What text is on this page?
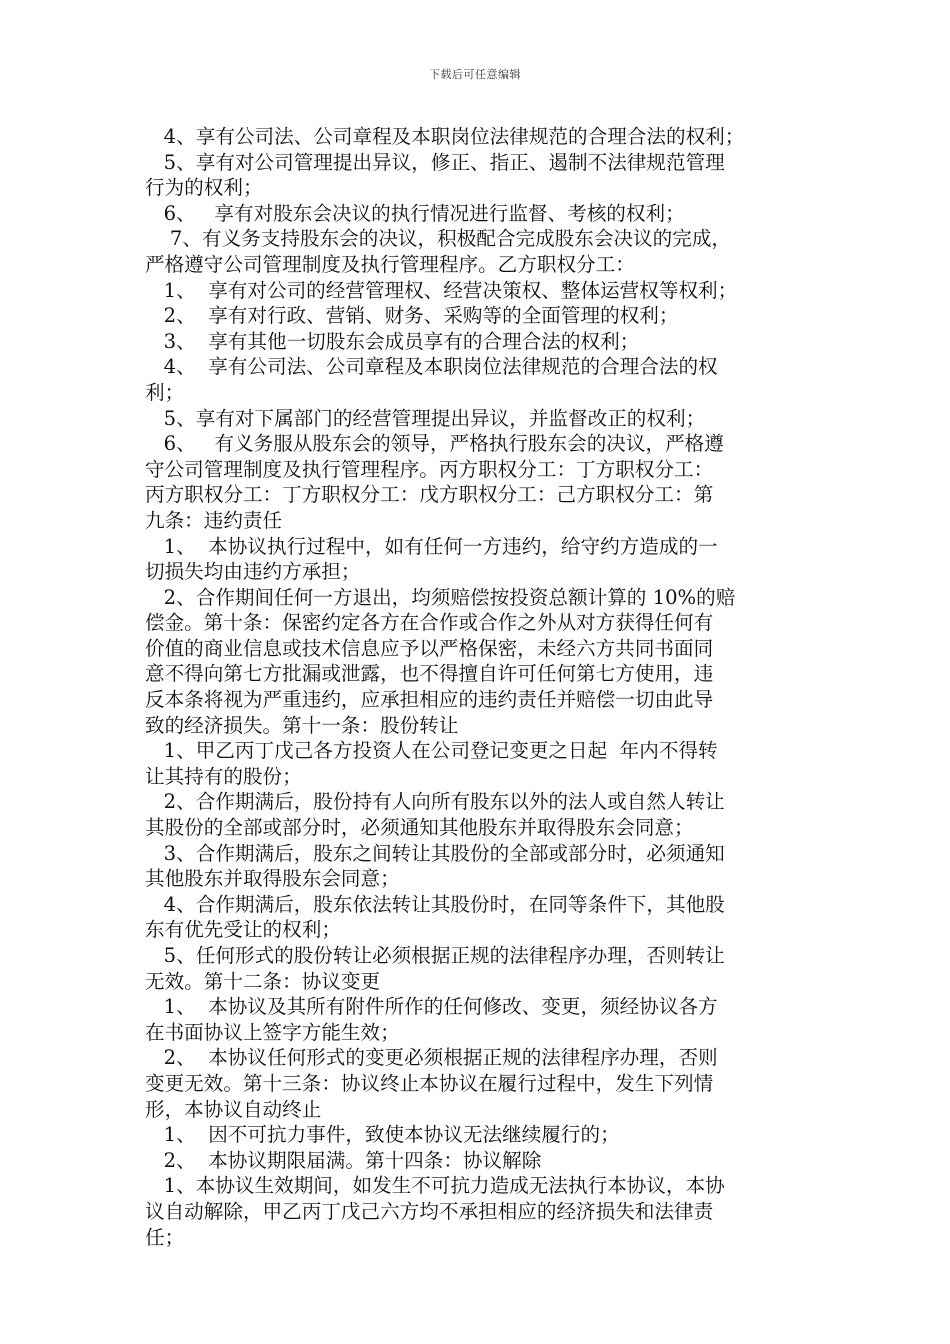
下载后可任意编辑
4、享有公司法、公司章程及本职岗位法律规范的合理合法的权利；
5、享有对公司管理提出异议，修正、指正、遏制不法律规范管理
行为的权利；
6、   享有对股东会决议的执行情况进行监督、考核的权利；
7、有义务支持股东会的决议，积极配合完成股东会决议的完成，
严格遵守公司管理制度及执行管理程序。乙方职权分工：
1、  享有对公司的经营管理权、经营决策权、整体运营权等权利；
2、  享有对行政、营销、财务、采购等的全面管理的权利；
3、  享有其他一切股东会成员享有的合理合法的权利；
4、  享有公司法、公司章程及本职岗位法律规范的合理合法的权
利；
5、享有对下属部门的经营管理提出异议，并监督改正的权利；
6、   有义务服从股东会的领导，严格执行股东会的决议，严格遵
守公司管理制度及执行管理程序。丙方职权分工：丁方职权分工：
丙方职权分工：丁方职权分工：戊方职权分工：己方职权分工：第
九条：违约责任
1、  本协议执行过程中，如有任何一方违约，给守约方造成的一
切损失均由违约方承担；
2、合作期间任何一方退出，均须赔偿按投资总额计算的 10%的赔
偿金。第十条：保密约定各方在合作或合作之外从对方获得任何有
价值的商业信息或技术信息应予以严格保密，未经六方共同书面同
意不得向第七方批漏或泄露，也不得擅自许可任何第七方使用，违
反本条将视为严重违约，应承担相应的违约责任并赔偿一切由此导
致的经济损失。第十一条：股份转让
1、甲乙丙丁戊己各方投资人在公司登记变更之日起  年内不得转
让其持有的股份；
2、合作期满后，股份持有人向所有股东以外的法人或自然人转让
其股份的全部或部分时，必须通知其他股东并取得股东会同意；
3、合作期满后，股东之间转让其股份的全部或部分时，必须通知
其他股东并取得股东会同意；
4、合作期满后，股东依法转让其股份时，在同等条件下，其他股
东有优先受让的权利；
5、任何形式的股份转让必须根据正规的法律程序办理，否则转让
无效。第十二条：协议变更
1、  本协议及其所有附件所作的任何修改、变更，须经协议各方
在书面协议上签字方能生效；
2、  本协议任何形式的变更必须根据正规的法律程序办理，否则
变更无效。第十三条：协议终止本协议在履行过程中，发生下列情
形，本协议自动终止
1、  因不可抗力事件，致使本协议无法继续履行的；
2、  本协议期限届满。第十四条：协议解除
1、本协议生效期间，如发生不可抗力造成无法执行本协议，本协
议自动解除，甲乙丙丁戊己六方均不承担相应的经济损失和法律责
任；
